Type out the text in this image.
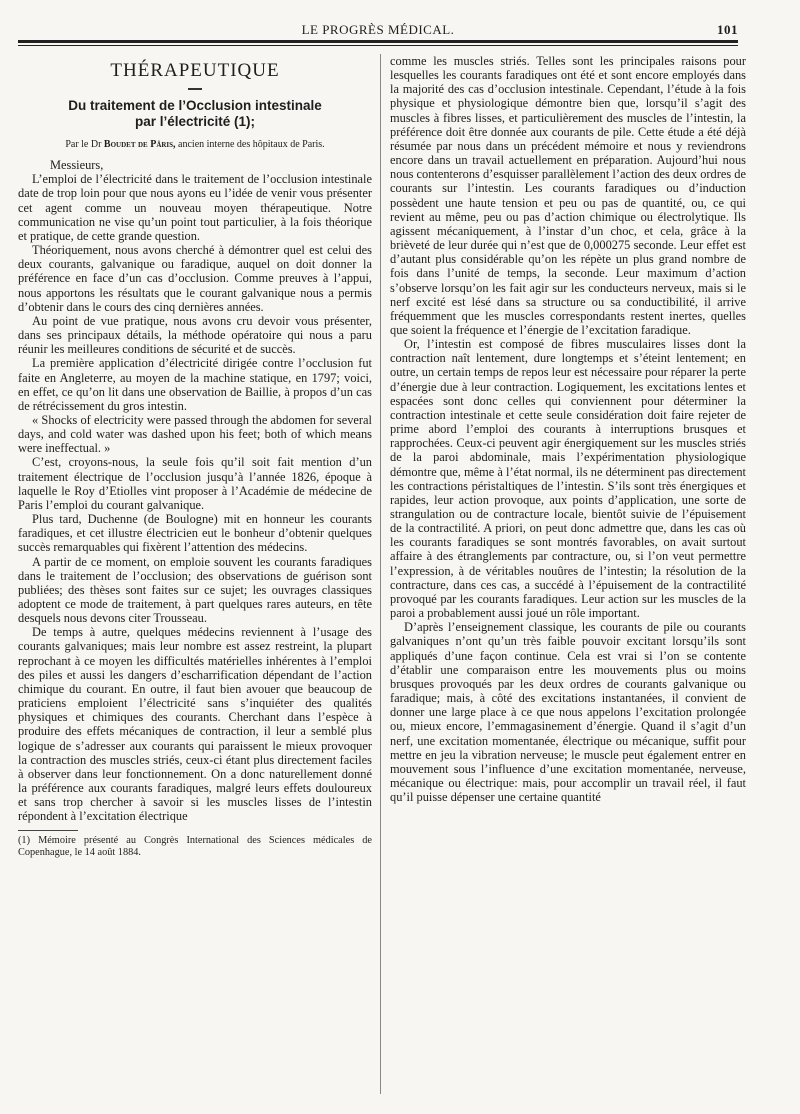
LE PROGRÈS MÉDICAL.	101
THÉRAPEUTIQUE
Du traitement de l’Occlusion intestinale
par l’électricité (1);
Par le Dr Boudet de Pâris, ancien interne des hôpitaux de Paris.

Messieurs,

L’emploi de l’électricité dans le traitement de l’occlusion intestinale date de trop loin pour que nous ayons eu l’idée de venir vous présenter cet agent comme un nouveau moyen thérapeutique. Notre communication ne vise qu’un point tout particulier, à la fois théorique et pratique, de cette grande question.

Théoriquement, nous avons cherché à démontrer quel est celui des deux courants, galvanique ou faradique, auquel on doit donner la préférence en face d’un cas d’occlusion. Comme preuves à l’appui, nous apportons les résultats que le courant galvanique nous a permis d’obtenir dans le cours des cinq dernières années.

Au point de vue pratique, nous avons cru devoir vous présenter, dans ses principaux détails, la méthode opératoire qui nous a paru réunir les meilleures conditions de sécurité et de succès.

La première application d’électricité dirigée contre l’occlusion fut faite en Angleterre, au moyen de la machine statique, en 1797; voici, en effet, ce qu’on lit dans une observation de Baillie, à propos d’un cas de rétrécissement du gros intestin.

« Shocks of electricity were passed through the abdomen for several days, and cold water was dashed upon his feet; both of which means were ineffectual. »

C’est, croyons-nous, la seule fois qu’il soit fait mention d’un traitement électrique de l’occlusion jusqu’à l’année 1826, époque à laquelle le Roy d’Etiolles vint proposer à l’Académie de médecine de Paris l’emploi du courant galvanique.

Plus tard, Duchenne (de Boulogne) mit en honneur les courants faradiques, et cet illustre électricien eut le bonheur d’obtenir quelques succès remarquables qui fixèrent l’attention des médecins.

A partir de ce moment, on emploie souvent les courants faradiques dans le traitement de l’occlusion; des observations de guérison sont publiées; des thèses sont faites sur ce sujet; les ouvrages classiques adoptent ce mode de traitement, à part quelques rares auteurs, en tête desquels nous devons citer Trousseau.

De temps à autre, quelques médecins reviennent à l’usage des courants galvaniques; mais leur nombre est assez restreint, la plupart reprochant à ce moyen les difficultés matérielles inhérentes à l’emploi des piles et aussi les dangers d’escharrification dépendant de l’action chimique du courant. En outre, il faut bien avouer que beaucoup de praticiens emploient l’électricité sans s’inquiéter des qualités physiques et chimiques des courants. Cherchant dans l’espèce à produire des effets mécaniques de contraction, il leur a semblé plus logique de s’adresser aux courants qui paraissent le mieux provoquer la contraction des muscles striés, ceux-ci étant plus directement faciles à observer dans leur fonctionnement. On a donc naturellement donné la préférence aux courants faradiques, malgré leurs effets douloureux et sans trop chercher à savoir si les muscles lisses de l’intestin répondent à l’excitation électrique

(1) Mémoire présenté au Congrès International des Sciences médicales de Copenhague, le 14 août 1884.

comme les muscles striés. Telles sont les principales raisons pour lesquelles les courants faradiques ont été et sont encore employés dans la majorité des cas d’occlusion intestinale. Cependant, l’étude à la fois physique et physiologique démontre bien que, lorsqu’il s’agit des muscles à fibres lisses, et particulièrement des muscles de l’intestin, la préférence doit être donnée aux courants de pile. Cette étude a été déjà résumée par nous dans un précédent mémoire et nous y reviendrons encore dans un travail actuellement en préparation. Aujourd’hui nous nous contenterons d’esquisser parallèlement l’action des deux ordres de courants sur l’intestin. Les courants faradiques ou d’induction possèdent une haute tension et peu ou pas de quantité, ou, ce qui revient au même, peu ou pas d’action chimique ou électrolytique. Ils agissent mécaniquement, à l’instar d’un choc, et cela, grâce à la brièveté de leur durée qui n’est que de 0,000275 seconde. Leur effet est d’autant plus considérable qu’on les répète un plus grand nombre de fois dans l’unité de temps, la seconde. Leur maximum d’action s’observe lorsqu’on les fait agir sur les conducteurs nerveux, mais si le nerf excité est lésé dans sa structure ou sa conductibilité, il arrive fréquemment que les muscles correspondants restent inertes, quelles que soient la fréquence et l’énergie de l’excitation faradique.

Or, l’intestin est composé de fibres musculaires lisses dont la contraction naît lentement, dure longtemps et s’éteint lentement; en outre, un certain temps de repos leur est nécessaire pour réparer la perte d’énergie due à leur contraction. Logiquement, les excitations lentes et espacées sont donc celles qui conviennent pour déterminer la contraction intestinale et cette seule considération doit faire rejeter de prime abord l’emploi des courants à interruptions brusques et rapprochées. Ceux-ci peuvent agir énergiquement sur les muscles striés de la paroi abdominale, mais l’expérimentation physiologique démontre que, même à l’état normal, ils ne déterminent pas directement les contractions péristaltiques de l’intestin. S’ils sont très énergiques et rapides, leur action provoque, aux points d’application, une sorte de strangulation ou de contracture locale, bientôt suivie de l’épuisement de la contractilité. A priori, on peut donc admettre que, dans les cas où les courants faradiques se sont montrés favorables, on avait surtout affaire à des étranglements par contracture, ou, si l’on veut permettre l’expression, à de véritables nouûres de l’intestin; la résolution de la contracture, dans ces cas, a succédé à l’épuisement de la contractilité provoqué par les courants faradiques. Leur action sur les muscles de la paroi a probablement aussi joué un rôle important.

D’après l’enseignement classique, les courants de pile ou courants galvaniques n’ont qu’un très faible pouvoir excitant lorsqu’ils sont appliqués d’une façon continue. Cela est vrai si l’on se contente d’établir une comparaison entre les mouvements plus ou moins brusques provoqués par les deux ordres de courants galvanique ou faradique; mais, à côté des excitations instantanées, il convient de donner une large place à ce que nous appelons l’excitation prolongée ou, mieux encore, l’emmagasinement d’énergie. Quand il s’agit d’un nerf, une excitation momentanée, électrique ou mécanique, suffit pour mettre en jeu la vibration nerveuse; le muscle peut également entrer en mouvement sous l’influence d’une excitation momentanée, nerveuse, mécanique ou électrique: mais, pour accomplir un travail réel, il faut qu’il puisse dépenser une certaine quantité
